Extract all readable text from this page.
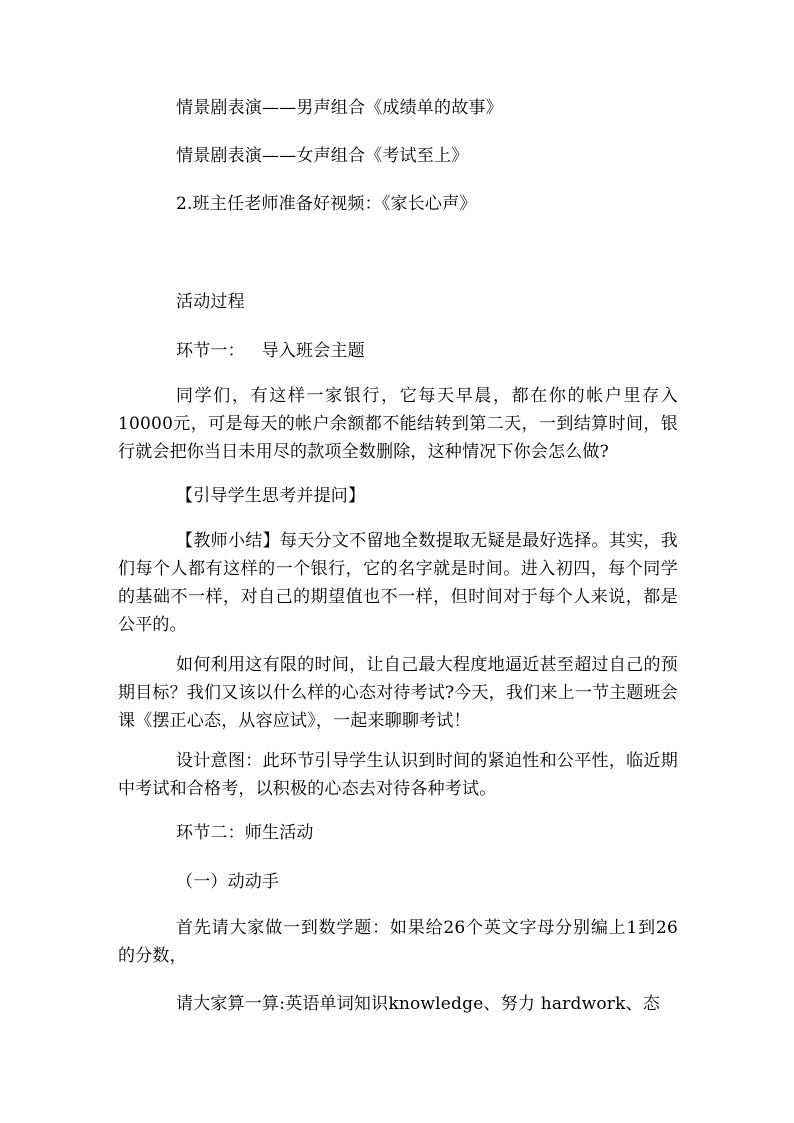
情景剧表演——男声组合《成绩单的故事》
情景剧表演——女声组合《考试至上》
2.班主任老师准备好视频：《家长心声》
活动过程
环节一：   导入班会主题
同学们，有这样一家银行，它每天早晨，都在你的帐户里存入10000元，可是每天的帐户余额都不能结转到第二天，一到结算时间，银行就会把你当日未用尽的款项全数删除，这种情况下你会怎么做?
【引导学生思考并提问】
【教师小结】每天分文不留地全数提取无疑是最好选择。其实，我们每个人都有这样的一个银行，它的名字就是时间。进入初四，每个同学的基础不一样，对自己的期望值也不一样，但时间对于每个人来说，都是公平的。
如何利用这有限的时间，让自己最大程度地逼近甚至超过自己的预期目标？我们又该以什么样的心态对待考试?今天，我们来上一节主题班会课《摆正心态，从容应试》，一起来聊聊考试！
设计意图：此环节引导学生认识到时间的紧迫性和公平性，临近期中考试和合格考，以积极的心态去对待各种考试。
环节二：师生活动
（一）动动手
首先请大家做一到数学题：如果给26个英文字母分别编上1到26的分数，
请大家算一算:英语单词知识knowledge、努力 hardwork、态
